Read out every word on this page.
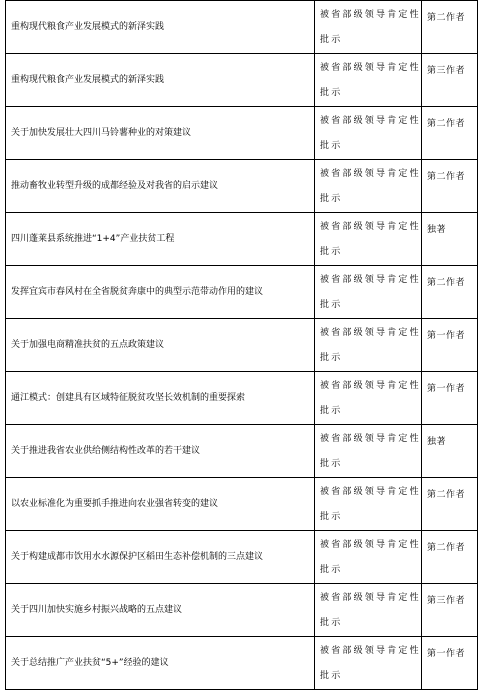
重构现代粮食产业发展模式的新泽实践	被省部级领导肯定性批示	第二作者
重构现代粮食产业发展模式的新泽实践	被省部级领导肯定性批示	第三作者
关于加快发展壮大四川马铃薯种业的对策建议	被省部级领导肯定性批示	第二作者
推动畜牧业转型升级的成都经验及对我省的启示建议	被省部级领导肯定性批示	第二作者
四川蓬莱县系统推进“1+4”产业扶贫工程	被省部级领导肯定性批示	独著
发挥宜宾市春风村在全省脱贫奔康中的典型示范带动作用的建议	被省部级领导肯定性批示	第二作者
关于加强电商精准扶贫的五点政策建议	被省部级领导肯定性批示	第一作者
通江模式：创建具有区域特征脱贫攻坚长效机制的重要探索	被省部级领导肯定性批示	第一作者
关于推进我省农业供给侧结构性改革的若干建议	被省部级领导肯定性批示	独著
以农业标准化为重要抓手推进向农业强省转变的建议	被省部级领导肯定性批示	第二作者
关于构建成都市饮用水水源保护区稻田生态补偿机制的三点建议	被省部级领导肯定性批示	第二作者
关于四川加快实施乡村振兴战略的五点建议	被省部级领导肯定性批示	第三作者
关于总结推广产业扶贫“5+”经验的建议	被省部级领导肯定性批示	第一作者
